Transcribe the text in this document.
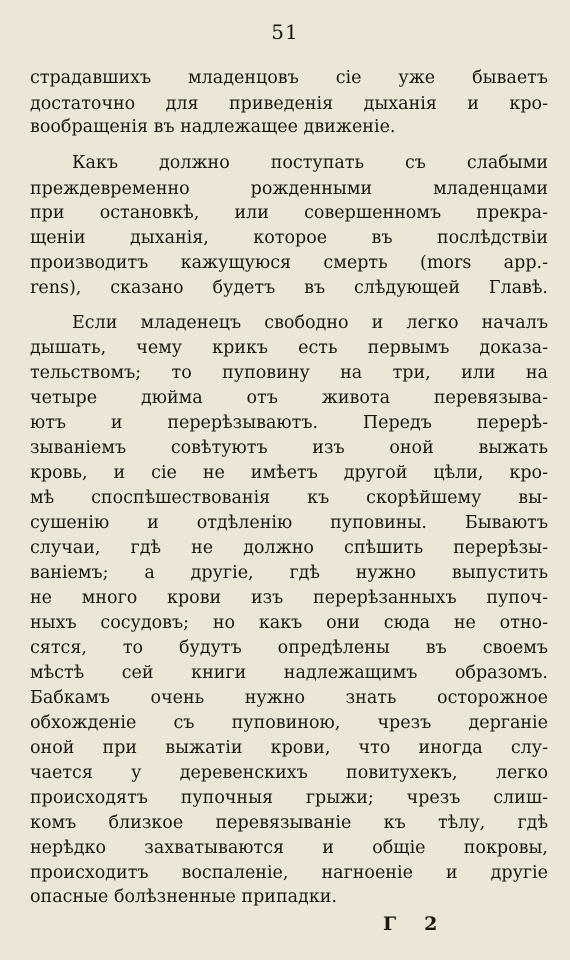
51
страдавшихъ младенцовъ сіе уже бываетъ
достаточно для приведенія дыханія и кро-
вообращенія въ надлежащее движеніе.
Какъ должно поступать съ слабыми
преждевременно рожденными младенцами
при остановкѣ, или совершенномъ прекра-
щеніи дыханія, которое въ послѣдствіи
производитъ кажущуюся смерть (mors app.-
rens), сказано будетъ въ слѣдующей Главѣ.
Если младенецъ свободно и легко началъ
дышать, чему крикъ есть первымъ доказа-
тельствомъ; то пуповину на три, или на
четыре дюйма отъ живота перевязыва-
ютъ и перерѣзываютъ. Передъ перерѣ-
зываніемъ совѣтуютъ изъ оной выжать
кровь, и сіе не имѣетъ другой цѣли, кро-
мѣ споспѣшествованія къ скорѣйшему вы-
сушенію и отдѣленію пуповины. Бываютъ
случаи, гдѣ не должно спѣшить перерѣзы-
ваніемъ; а другіе, гдѣ нужно выпустить
не много крови изъ перерѣзанныхъ пупоч-
ныхъ сосудовъ; но какъ они сюда не отно-
сятся, то будутъ опредѣлены въ своемъ
мѣстѣ сей книги надлежащимъ образомъ.
Бабкамъ очень нужно знать осторожное
обхожденіе съ пуповиною, чрезъ дерганіе
оной при выжатіи крови, что иногда слу-
чается у деревенскихъ повитухекъ, легко
происходятъ пупочныя грыжи; чрезъ слиш-
комъ близкое перевязываніе къ тѣлу, гдѣ
нерѣдко захватываются и общіе покровы,
происходитъ воспаленіе, нагноеніе и другіе
опасные болѣзненные припадки.
Г 2
